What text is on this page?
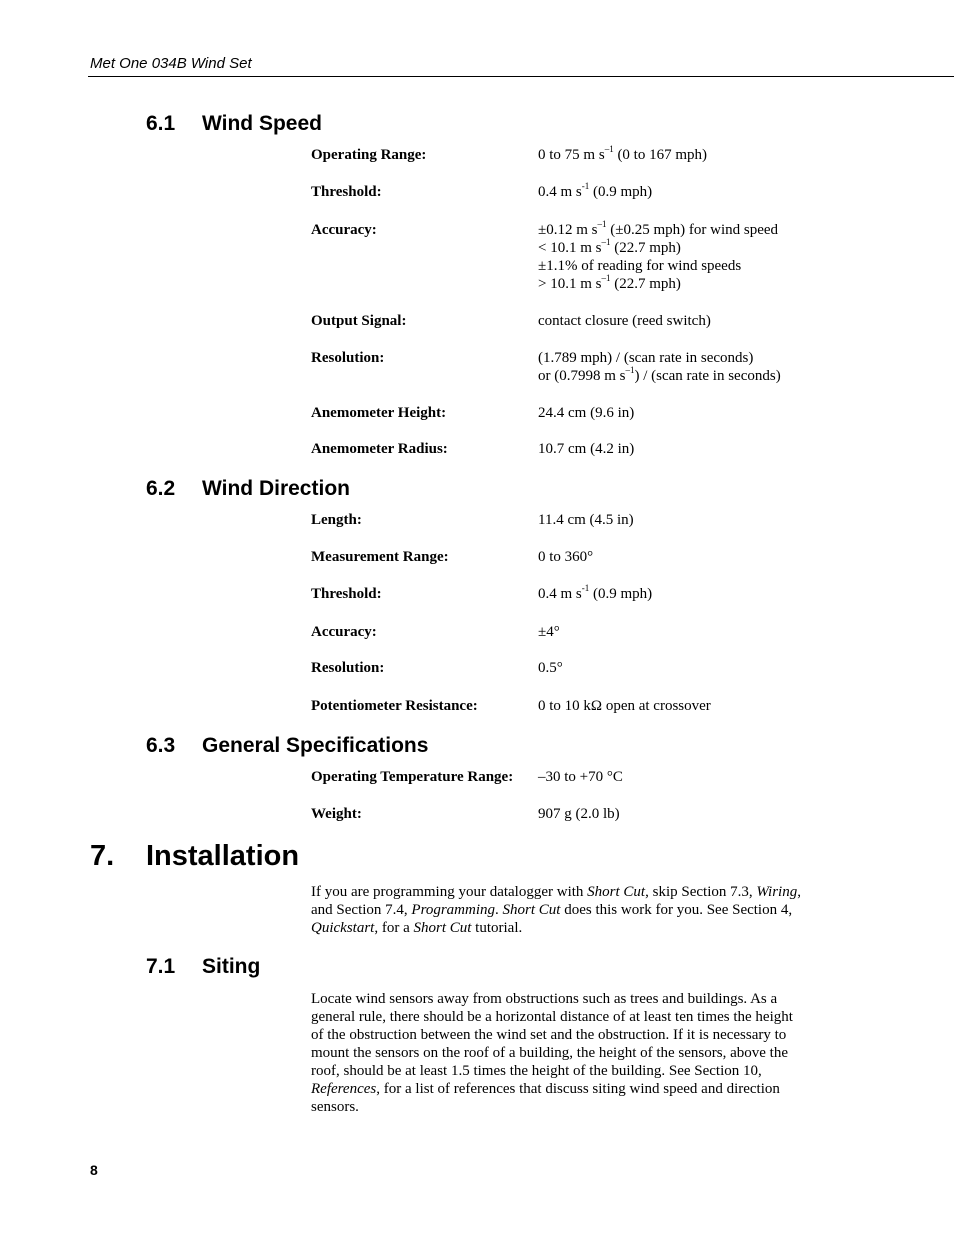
Met One 034B Wind Set
6.1 Wind Speed
Operating Range:	0 to 75 m $s^{-1}$ (0 to 167 mph)
Threshold:	0.4 m $s^{-1}$ (0.9 mph)
Accuracy:	±0.12 m $s^{-1}$ (±0.25 mph) for wind speed
< 10.1 m $s^{-1}$ (22.7 mph)
±1.1% of reading for wind speeds
> 10.1 m $s^{-1}$ (22.7 mph)
Output Signal:	contact closure (reed switch)
Resolution:	(1.789 mph) / (scan rate in seconds)
or (0.7998 m $s^{-1}$) / (scan rate in seconds)
Anemometer Height:	24.4 cm (9.6 in)
Anemometer Radius:	10.7 cm (4.2 in)
6.2 Wind Direction
Length:	11.4 cm (4.5 in)
Measurement Range:	0 to 360°
Threshold:	0.4 m $s^{-1}$ (0.9 mph)
Accuracy:	±4°
Resolution:	0.5°
Potentiometer Resistance:	0 to 10 kΩ open at crossover
6.3 General Specifications
Operating Temperature Range: –30 to +70 °C
Weight:	907 g (2.0 lb)
7. Installation
If you are programming your datalogger with Short Cut, skip Section 7.3, Wiring, and Section 7.4, Programming. Short Cut does this work for you. See Section 4, Quickstart, for a Short Cut tutorial.
7.1 Siting
Locate wind sensors away from obstructions such as trees and buildings. As a general rule, there should be a horizontal distance of at least ten times the height of the obstruction between the wind set and the obstruction. If it is necessary to mount the sensors on the roof of a building, the height of the sensors, above the roof, should be at least 1.5 times the height of the building. See Section 10, References, for a list of references that discuss siting wind speed and direction sensors.
8
